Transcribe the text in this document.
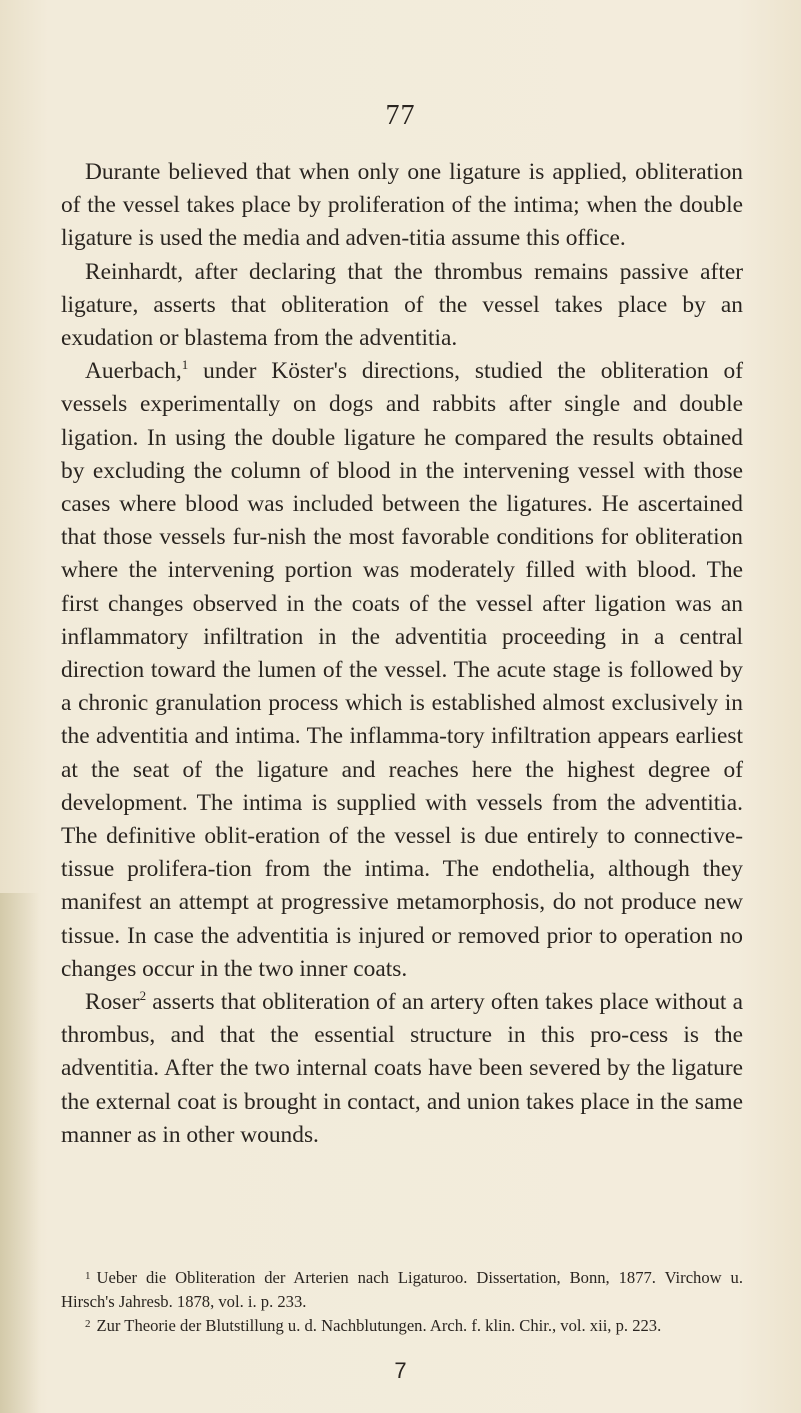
77

Durante believed that when only one ligature is applied, obliteration of the vessel takes place by proliferation of the intima; when the double ligature is used the media and adven-titia assume this office.

Reinhardt, after declaring that the thrombus remains passive after ligature, asserts that obliteration of the vessel takes place by an exudation or blastema from the adventitia.

Auerbach,$^1$ under Köster's directions, studied the obliteration of vessels experimentally on dogs and rabbits after single and double ligation. In using the double ligature he compared the results obtained by excluding the column of blood in the intervening vessel with those cases where blood was included between the ligatures. He ascertained that those vessels fur-nish the most favorable conditions for obliteration where the intervening portion was moderately filled with blood. The first changes observed in the coats of the vessel after ligation was an inflammatory infiltration in the adventitia proceeding in a central direction toward the lumen of the vessel. The acute stage is followed by a chronic granulation process which is established almost exclusively in the adventitia and intima. The inflamma-tory infiltration appears earliest at the seat of the ligature and reaches here the highest degree of development. The intima is supplied with vessels from the adventitia. The definitive oblit-eration of the vessel is due entirely to connective-tissue prolifera-tion from the intima. The endothelia, although they manifest an attempt at progressive metamorphosis, do not produce new tissue. In case the adventitia is injured or removed prior to operation no changes occur in the two inner coats.

Roser$^2$ asserts that obliteration of an artery often takes place without a thrombus, and that the essential structure in this pro-cess is the adventitia. After the two internal coats have been severed by the ligature the external coat is brought in contact, and union takes place in the same manner as in other wounds.

$^1$ Ueber die Obliteration der Arterien nach Ligaturoo. Dissertation, Bonn, 1877. Virchow u. Hirsch's Jahresb. 1878, vol. i. p. 233.

$^2$ Zur Theorie der Blutstillung u. d. Nachblutungen. Arch. f. klin. Chir., vol. xii, p. 223.

7
